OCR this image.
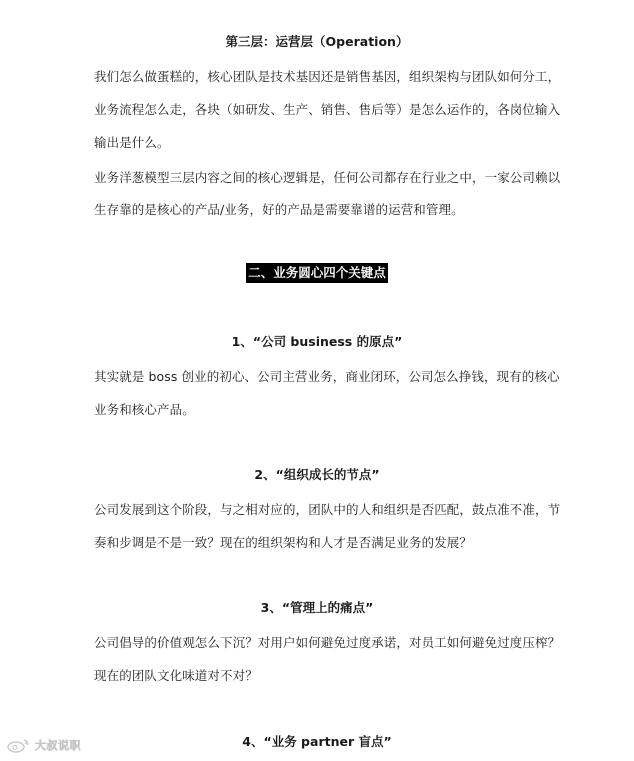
第三层：运营层（Operation）
我们怎么做蛋糕的，核心团队是技术基因还是销售基因，组织架构与团队如何分工，
业务流程怎么走，各块（如研发、生产、销售、售后等）是怎么运作的，各岗位输入
输出是什么。
业务洋葱模型三层内容之间的核心逻辑是，任何公司都存在行业之中，一家公司赖以
生存靠的是核心的产品/业务，好的产品是需要靠谱的运营和管理。
二、业务圆心四个关键点
1、“公司 business 的原点”
其实就是 boss 创业的初心、公司主营业务，商业闭环，公司怎么挣钱，现有的核心
业务和核心产品。
2、“组织成长的节点”
公司发展到这个阶段，与之相对应的，团队中的人和组织是否匹配，鼓点准不准，节
奏和步调是不是一致？现在的组织架构和人才是否满足业务的发展？
3、“管理上的痛点”
公司倡导的价值观怎么下沉？对用户如何避免过度承诺，对员工如何避免过度压榨？
现在的团队文化味道对不对？
4、“业务 partner 盲点”
大叔说职
